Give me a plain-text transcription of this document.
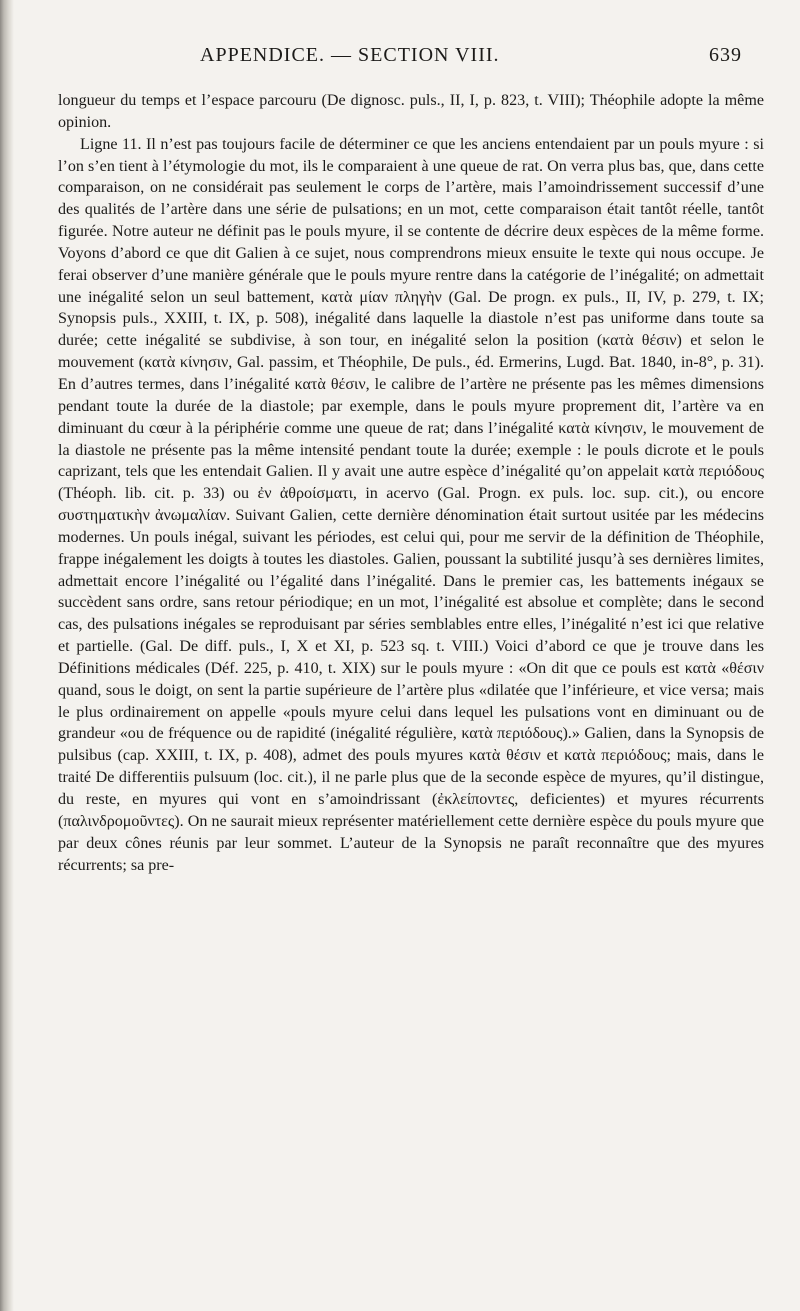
APPENDICE. — SECTION VIII.	639

longueur du temps et l’espace parcouru (De dignosc. puls., II, I, p. 823, t. VIII); Théophile adopte la même opinion.

Ligne 11. Il n’est pas toujours facile de déterminer ce que les anciens entendaient par un pouls myure : si l’on s’en tient à l’étymologie du mot, ils le comparaient à une queue de rat. On verra plus bas, que, dans cette comparaison, on ne considérait pas seulement le corps de l’artère, mais l’amoindrissement successif d’une des qualités de l’artère dans une série de pulsations; en un mot, cette comparaison était tantôt réelle, tantôt figurée. Notre auteur ne définit pas le pouls myure, il se contente de décrire deux espèces de la même forme. Voyons d’abord ce que dit Galien à ce sujet, nous comprendrons mieux ensuite le texte qui nous occupe. Je ferai observer d’une manière générale que le pouls myure rentre dans la catégorie de l’inégalité; on admettait une inégalité selon un seul battement, κατὰ μίαν πληγὴν (Gal. De progn. ex puls., II, IV, p. 279, t. IX; Synopsis puls., XXIII, t. IX, p. 508), inégalité dans laquelle la diastole n’est pas uniforme dans toute sa durée; cette inégalité se subdivise, à son tour, en inégalité selon la position (κατὰ θέσιν) et selon le mouvement (κατὰ κίνησιν, Gal. passim, et Théophile, De puls., éd. Ermerins, Lugd. Bat. 1840, in-8°, p. 31). En d’autres termes, dans l’inégalité κατὰ θέσιν, le calibre de l’artère ne présente pas les mêmes dimensions pendant toute la durée de la diastole; par exemple, dans le pouls myure proprement dit, l’artère va en diminuant du cœur à la périphérie comme une queue de rat; dans l’inégalité κατὰ κίνησιν, le mouvement de la diastole ne présente pas la même intensité pendant toute la durée; exemple : le pouls dicrote et le pouls caprizant, tels que les entendait Galien. Il y avait une autre espèce d’inégalité qu’on appelait κατὰ περιόδους (Théoph. lib. cit. p. 33) ou ἐν ἀθροίσματι, in acervo (Gal. Progn. ex puls. loc. sup. cit.), ou encore συστηματικὴν ἀνωμαλίαν. Suivant Galien, cette dernière dénomination était surtout usitée par les médecins modernes. Un pouls inégal, suivant les périodes, est celui qui, pour me servir de la définition de Théophile, frappe inégalement les doigts à toutes les diastoles. Galien, poussant la subtilité jusqu’à ses dernières limites, admettait encore l’inégalité ou l’égalité dans l’inégalité. Dans le premier cas, les battements inégaux se succèdent sans ordre, sans retour périodique; en un mot, l’inégalité est absolue et complète; dans le second cas, des pulsations inégales se reproduisant par séries semblables entre elles, l’inégalité n’est ici que relative et partielle. (Gal. De diff. puls., I, X et XI, p. 523 sq. t. VIII.) Voici d’abord ce que je trouve dans les Définitions médicales (Déf. 225, p. 410, t. XIX) sur le pouls myure : «On dit que ce pouls est κατὰ «θέσιν quand, sous le doigt, on sent la partie supérieure de l’artère plus «dilatée que l’inférieure, et vice versa; mais le plus ordinairement on appelle «pouls myure celui dans lequel les pulsations vont en diminuant ou de grandeur «ou de fréquence ou de rapidité (inégalité régulière, κατὰ περιόδους).» Galien, dans la Synopsis de pulsibus (cap. XXIII, t. IX, p. 408), admet des pouls myures κατὰ θέσιν et κατὰ περιόδους; mais, dans le traité De differentiis pulsuum (loc. cit.), il ne parle plus que de la seconde espèce de myures, qu’il distingue, du reste, en myures qui vont en s’amoindrissant (ἐκλείποντες, deficientes) et myures récurrents (παλινδρομοῦντες). On ne saurait mieux représenter matériellement cette dernière espèce du pouls myure que par deux cônes réunis par leur sommet. L’auteur de la Synopsis ne paraît reconnaître que des myures récurrents; sa pre-
